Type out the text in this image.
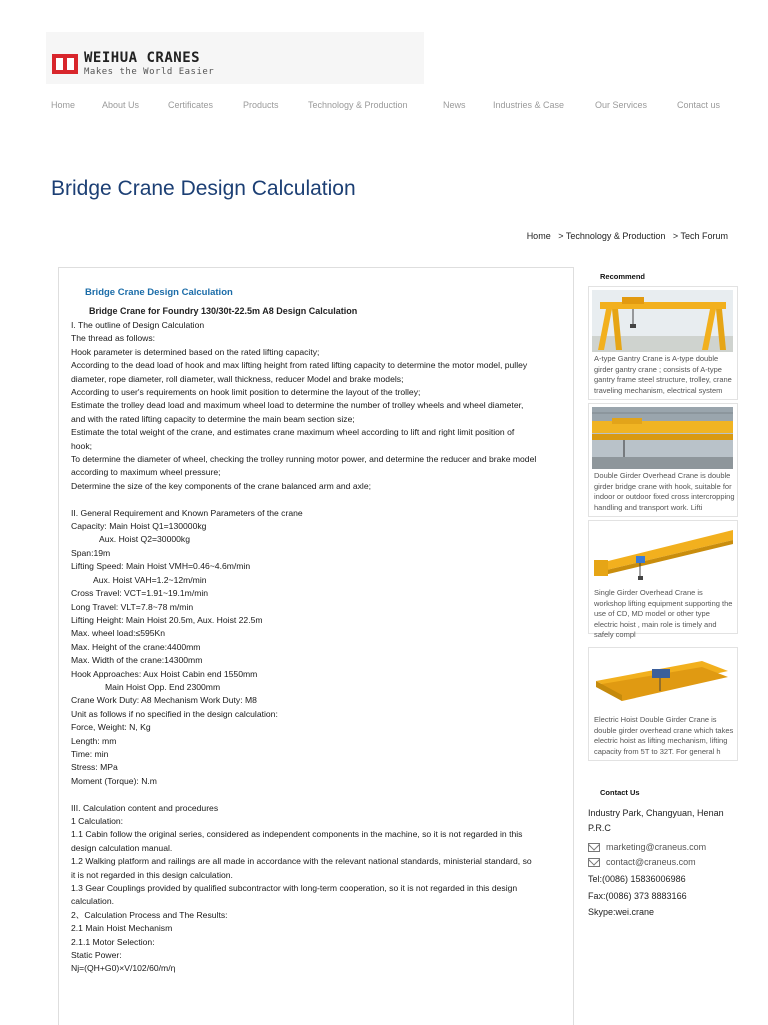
WEIHUA CRANES
Makes the World Easier
Home	About Us	Certificates	Products	Technology & Production	News	Industries & Case	Our Services	Contact us
Bridge Crane Design Calculation
Home > Technology & Production > Tech Forum
Bridge Crane Design Calculation
Bridge Crane for Foundry 130/30t-22.5m A8 Design Calculation
I. The outline of Design Calculation
The thread as follows:
Hook parameter is determined based on the rated lifting capacity;
According to the dead load of hook and max lifting height from rated lifting capacity to determine the motor model, pulley
diameter, rope diameter, roll diameter, wall thickness, reducer Model and brake models;
According to user's requirements on hook limit position to determine the layout of the trolley;
Estimate the trolley dead load and maximum wheel load to determine the number of trolley wheels and wheel diameter,
and with the rated lifting capacity to determine the main beam section size;
Estimate the total weight of the crane, and estimates crane maximum wheel according to lift and right limit position of
hook;
To determine the diameter of wheel, checking the trolley running motor power, and determine the reducer and brake model
according to maximum wheel pressure;
Determine the size of the key components of the crane balanced arm and axle;
II. General Requirement and Known Parameters of the crane
Capacity: Main Hoist Q1=130000kg
Aux. Hoist Q2=30000kg
Span:19m
Lifting Speed: Main Hoist VMH=0.46~4.6m/min
Aux. Hoist VAH=1.2~12m/min
Cross Travel: VCT=1.91~19.1m/min
Long Travel: VLT=7.8~78 m/min
Lifting Height: Main Hoist 20.5m, Aux. Hoist 22.5m
Max. wheel load:≤595Kn
Max. Height of the crane:4400mm
Max. Width of the crane:14300mm
Hook Approaches: Aux Hoist Cabin end 1550mm
Main Hoist Opp. End 2300mm
Crane Work Duty: A8 Mechanism Work Duty: M8
Unit as follows if no specified in the design calculation:
Force, Weight: N, Kg
Length: mm
Time: min
Stress: MPa
Moment (Torque): N.m
III. Calculation content and procedures
1 Calculation:
1.1 Cabin follow the original series, considered as independent components in the machine, so it is not regarded in this
design calculation manual.
1.2 Walking platform and railings are all made in accordance with the relevant national standards, ministerial standard, so
it is not regarded in this design calculation.
1.3 Gear Couplings provided by qualified subcontractor with long-term cooperation, so it is not regarded in this design
calculation.
2、Calculation Process and The Results:
2.1 Main Hoist Mechanism
2.1.1 Motor Selection:
Static Power:
Nj=(QH+G0)×V/102/60/m/η
Recommend
A-type Gantry Crane is A-type double girder gantry crane ; consists of A-type gantry frame steel structure, trolley, crane traveling mechanism, electrical system
Double Girder Overhead Crane is double girder bridge crane with hook, suitable for indoor or outdoor fixed cross intercropping handling and transport work. Lifti
Single Girder Overhead Crane is workshop lifting equipment supporting the use of CD, MD model or other type electric hoist , main role is timely and safely compl
Electric Hoist Double Girder Crane is double girder overhead crane which takes electric hoist as lifting mechanism, lifting capacity from 5T to 32T. For general h
Contact Us
Industry Park, Changyuan, Henan
P.R.C
marketing@craneus.com
contact@craneus.com
Tel:(0086) 15836006986
Fax:(0086) 373 8883166
Skype:wei.crane
